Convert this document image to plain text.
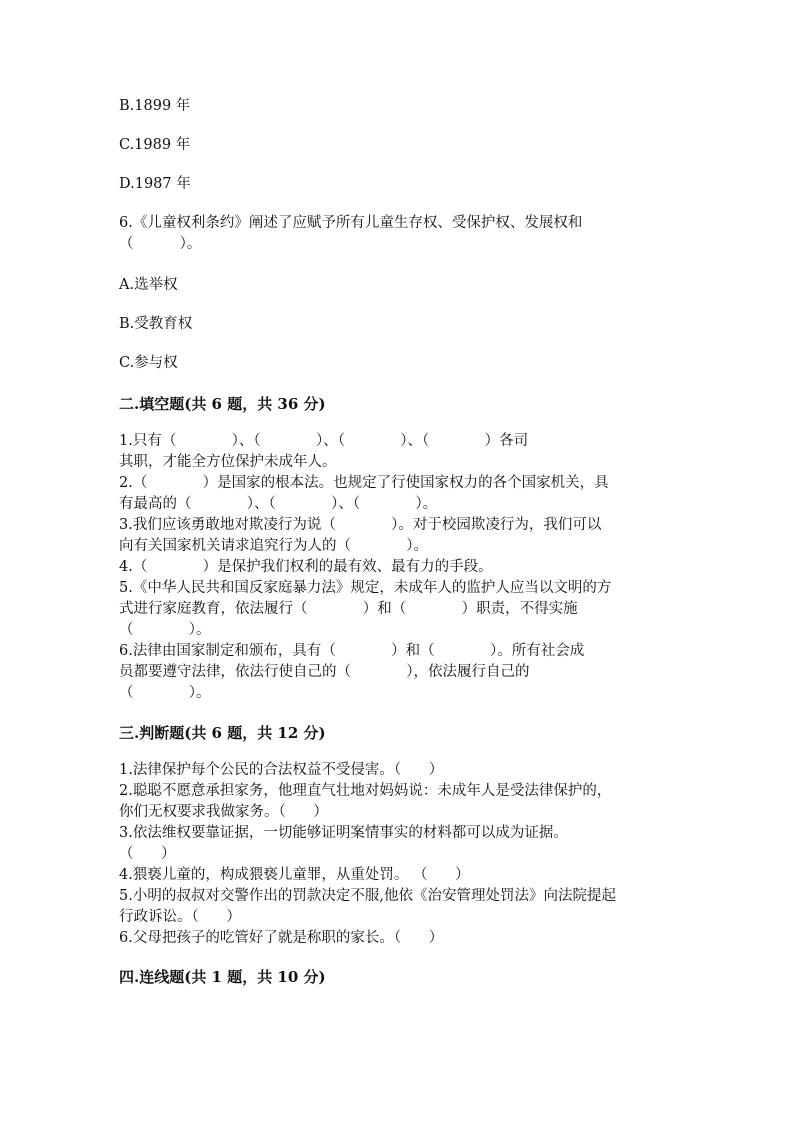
B.1899 年
C.1989 年
D.1987 年
6.《儿童权利条约》阐述了应赋予所有儿童生存权、受保护权、发展权和
（          ）。
A.选举权
B.受教育权
C.参与权
二.填空题(共 6 题，共 36 分)
1.只有（            ）、（            ）、（            ）、（            ）各司
其职，才能全方位保护未成年人。
2.（            ）是国家的根本法。也规定了行使国家权力的各个国家机关，具
有最高的（            ）、（            ）、（            ）。
3.我们应该勇敢地对欺凌行为说（            ）。对于校园欺凌行为，我们可以
向有关国家机关请求追究行为人的（            ）。
4.（            ）是保护我们权利的最有效、最有力的手段。
5.《中华人民共和国反家庭暴力法》规定，未成年人的监护人应当以文明的方
式进行家庭教育，依法履行（            ）和（            ）职责，不得实施
（            ）。
6.法律由国家制定和颁布，具有（            ）和（            ）。所有社会成
员都要遵守法律，依法行使自己的（            ），依法履行自己的
（            ）。
三.判断题(共 6 题，共 12 分)
1.法律保护每个公民的合法权益不受侵害。（      ）
2.聪聪不愿意承担家务，他理直气壮地对妈妈说：未成年人是受法律保护的，
你们无权要求我做家务。（      ）
3.依法维权要靠证据，一切能够证明案情事实的材料都可以成为证据。
（      ）
4.猥亵儿童的，构成猥亵儿童罪，从重处罚。 （      ）
5.小明的叔叔对交警作出的罚款决定不服,他依《治安管理处罚法》向法院提起
行政诉讼。（      ）
6.父母把孩子的吃管好了就是称职的家长。（      ）
四.连线题(共 1 题，共 10 分)
